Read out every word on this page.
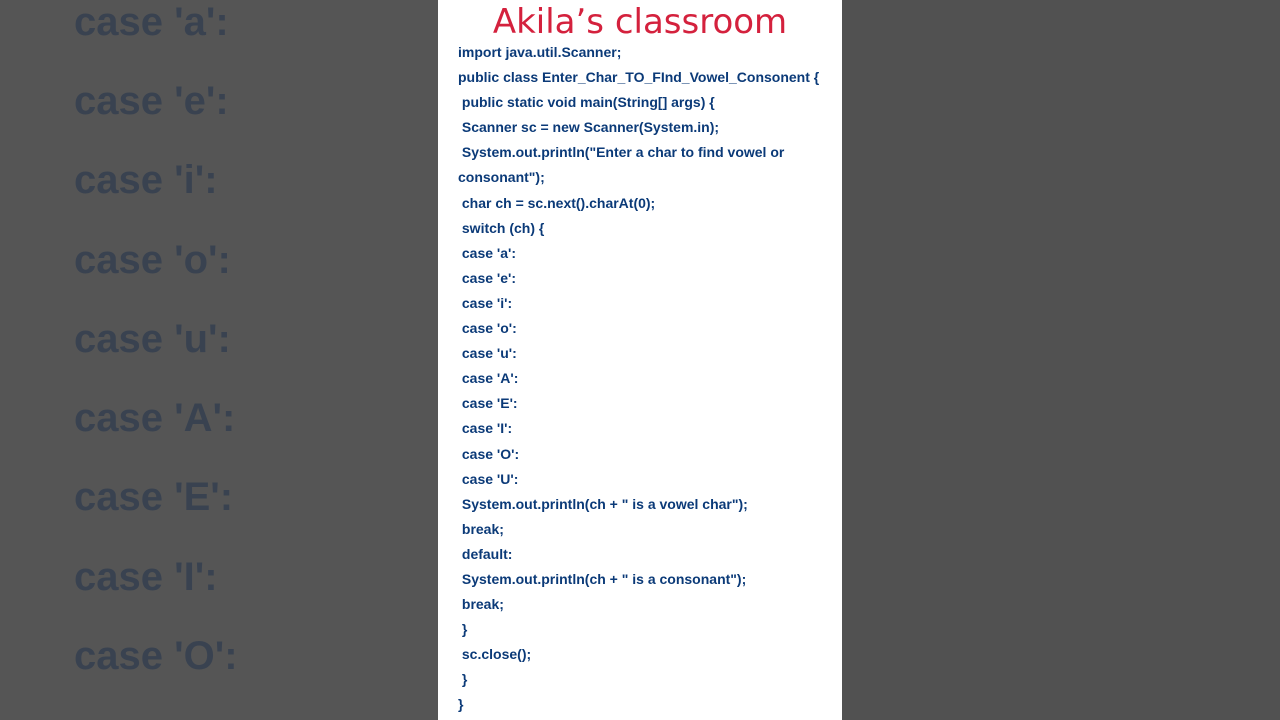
case 'a':
case 'e':
case 'i':
case 'o':
case 'u':
case 'A':
case 'E':
case 'I':
case 'O':
Akila’s classroom
import java.util.Scanner;
public class Enter_Char_TO_FInd_Vowel_Consonent {
public static void main(String[] args) {
Scanner sc = new Scanner(System.in);
System.out.println("Enter a char to find vowel or
consonant");
char ch = sc.next().charAt(0);
switch (ch) {
case 'a':
case 'e':
case 'i':
case 'o':
case 'u':
case 'A':
case 'E':
case 'I':
case 'O':
case 'U':
System.out.println(ch + " is a vowel char");
break;
default:
System.out.println(ch + " is a consonant");
break;
}
sc.close();
}
}
